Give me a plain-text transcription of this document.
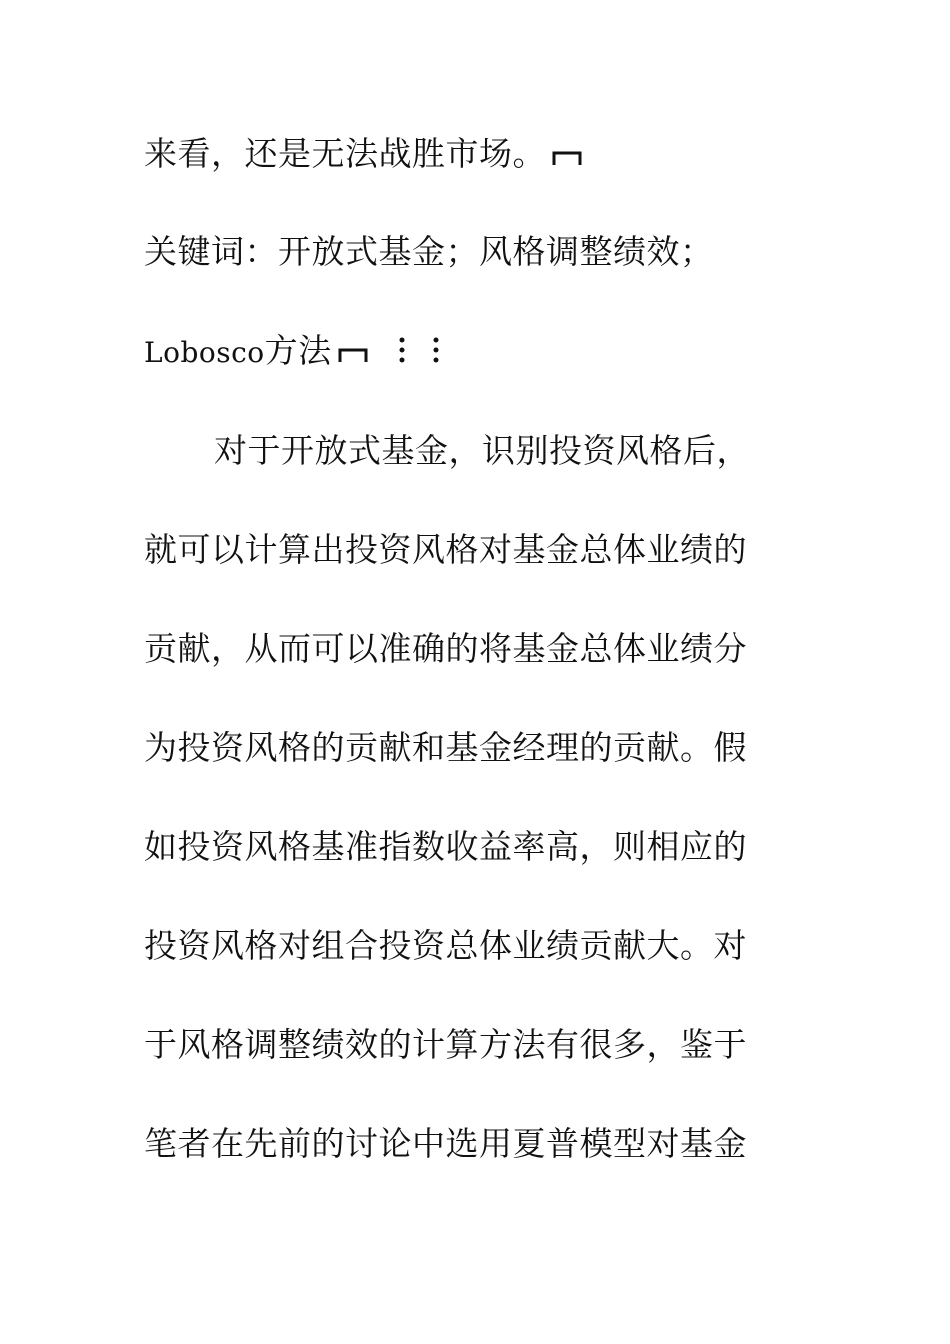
来看，还是无法战胜市场。
关键词：开放式基金；风格调整绩效；
Lobosco方法
对于开放式基金，识别投资风格后，
就可以计算出投资风格对基金总体业绩的
贡献，从而可以准确的将基金总体业绩分
为投资风格的贡献和基金经理的贡献。假
如投资风格基准指数收益率高，则相应的
投资风格对组合投资总体业绩贡献大。对
于风格调整绩效的计算方法有很多，鉴于
笔者在先前的讨论中选用夏普模型对基金
